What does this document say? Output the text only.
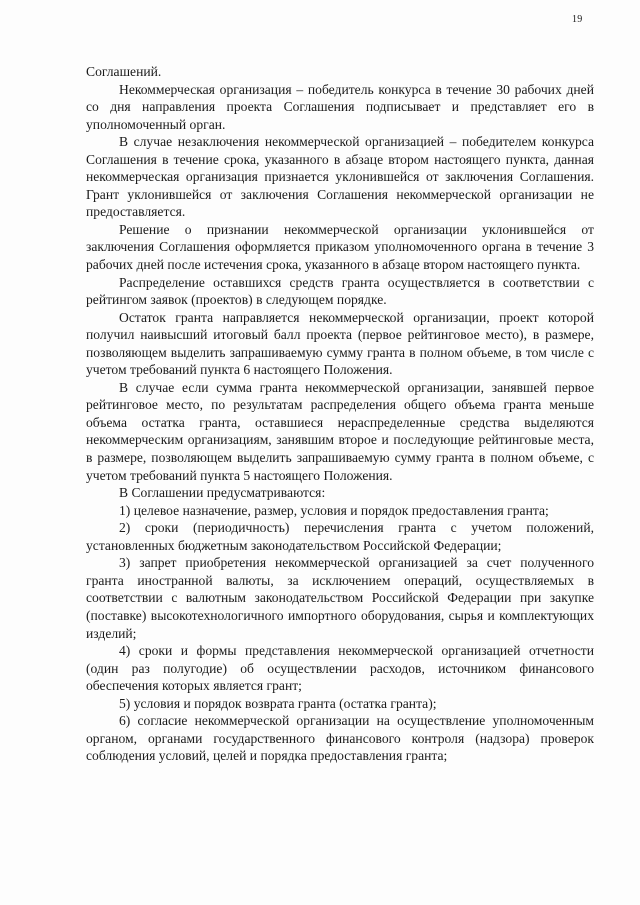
19

Соглашений.

Некоммерческая организация – победитель конкурса в течение 30 рабочих дней со дня направления проекта Соглашения подписывает и представляет его в уполномоченный орган.

В случае незаключения некоммерческой организацией – победителем конкурса Соглашения в течение срока, указанного в абзаце втором настоящего пункта, данная некоммерческая организация признается уклонившейся от заключения Соглашения. Грант уклонившейся от заключения Соглашения некоммерческой организации не предоставляется.

Решение о признании некоммерческой организации уклонившейся от заключения Соглашения оформляется приказом уполномоченного органа в течение 3 рабочих дней после истечения срока, указанного в абзаце втором настоящего пункта.

Распределение оставшихся средств гранта осуществляется в соответствии с рейтингом заявок (проектов) в следующем порядке.

Остаток гранта направляется некоммерческой организации, проект которой получил наивысший итоговый балл проекта (первое рейтинговое место), в размере, позволяющем выделить запрашиваемую сумму гранта в полном объеме, в том числе с учетом требований пункта 6 настоящего Положения.

В случае если сумма гранта некоммерческой организации, занявшей первое рейтинговое место, по результатам распределения общего объема гранта меньше объема остатка гранта, оставшиеся нераспределенные средства выделяются некоммерческим организациям, занявшим второе и последующие рейтинговые места, в размере, позволяющем выделить запрашиваемую сумму гранта в полном объеме, с учетом требований пункта 5 настоящего Положения.

В Соглашении предусматриваются:

1) целевое назначение, размер, условия и порядок предоставления гранта;

2) сроки (периодичность) перечисления гранта с учетом положений, установленных бюджетным законодательством Российской Федерации;

3) запрет приобретения некоммерческой организацией за счет полученного гранта иностранной валюты, за исключением операций, осуществляемых в соответствии с валютным законодательством Российской Федерации при закупке (поставке) высокотехнологичного импортного оборудования, сырья и комплектующих изделий;

4) сроки и формы представления некоммерческой организацией отчетности (один раз полугодие) об осуществлении расходов, источником финансового обеспечения которых является грант;

5) условия и порядок возврата гранта (остатка гранта);

6) согласие некоммерческой организации на осуществление уполномоченным органом, органами государственного финансового контроля (надзора) проверок соблюдения условий, целей и порядка предоставления гранта;
